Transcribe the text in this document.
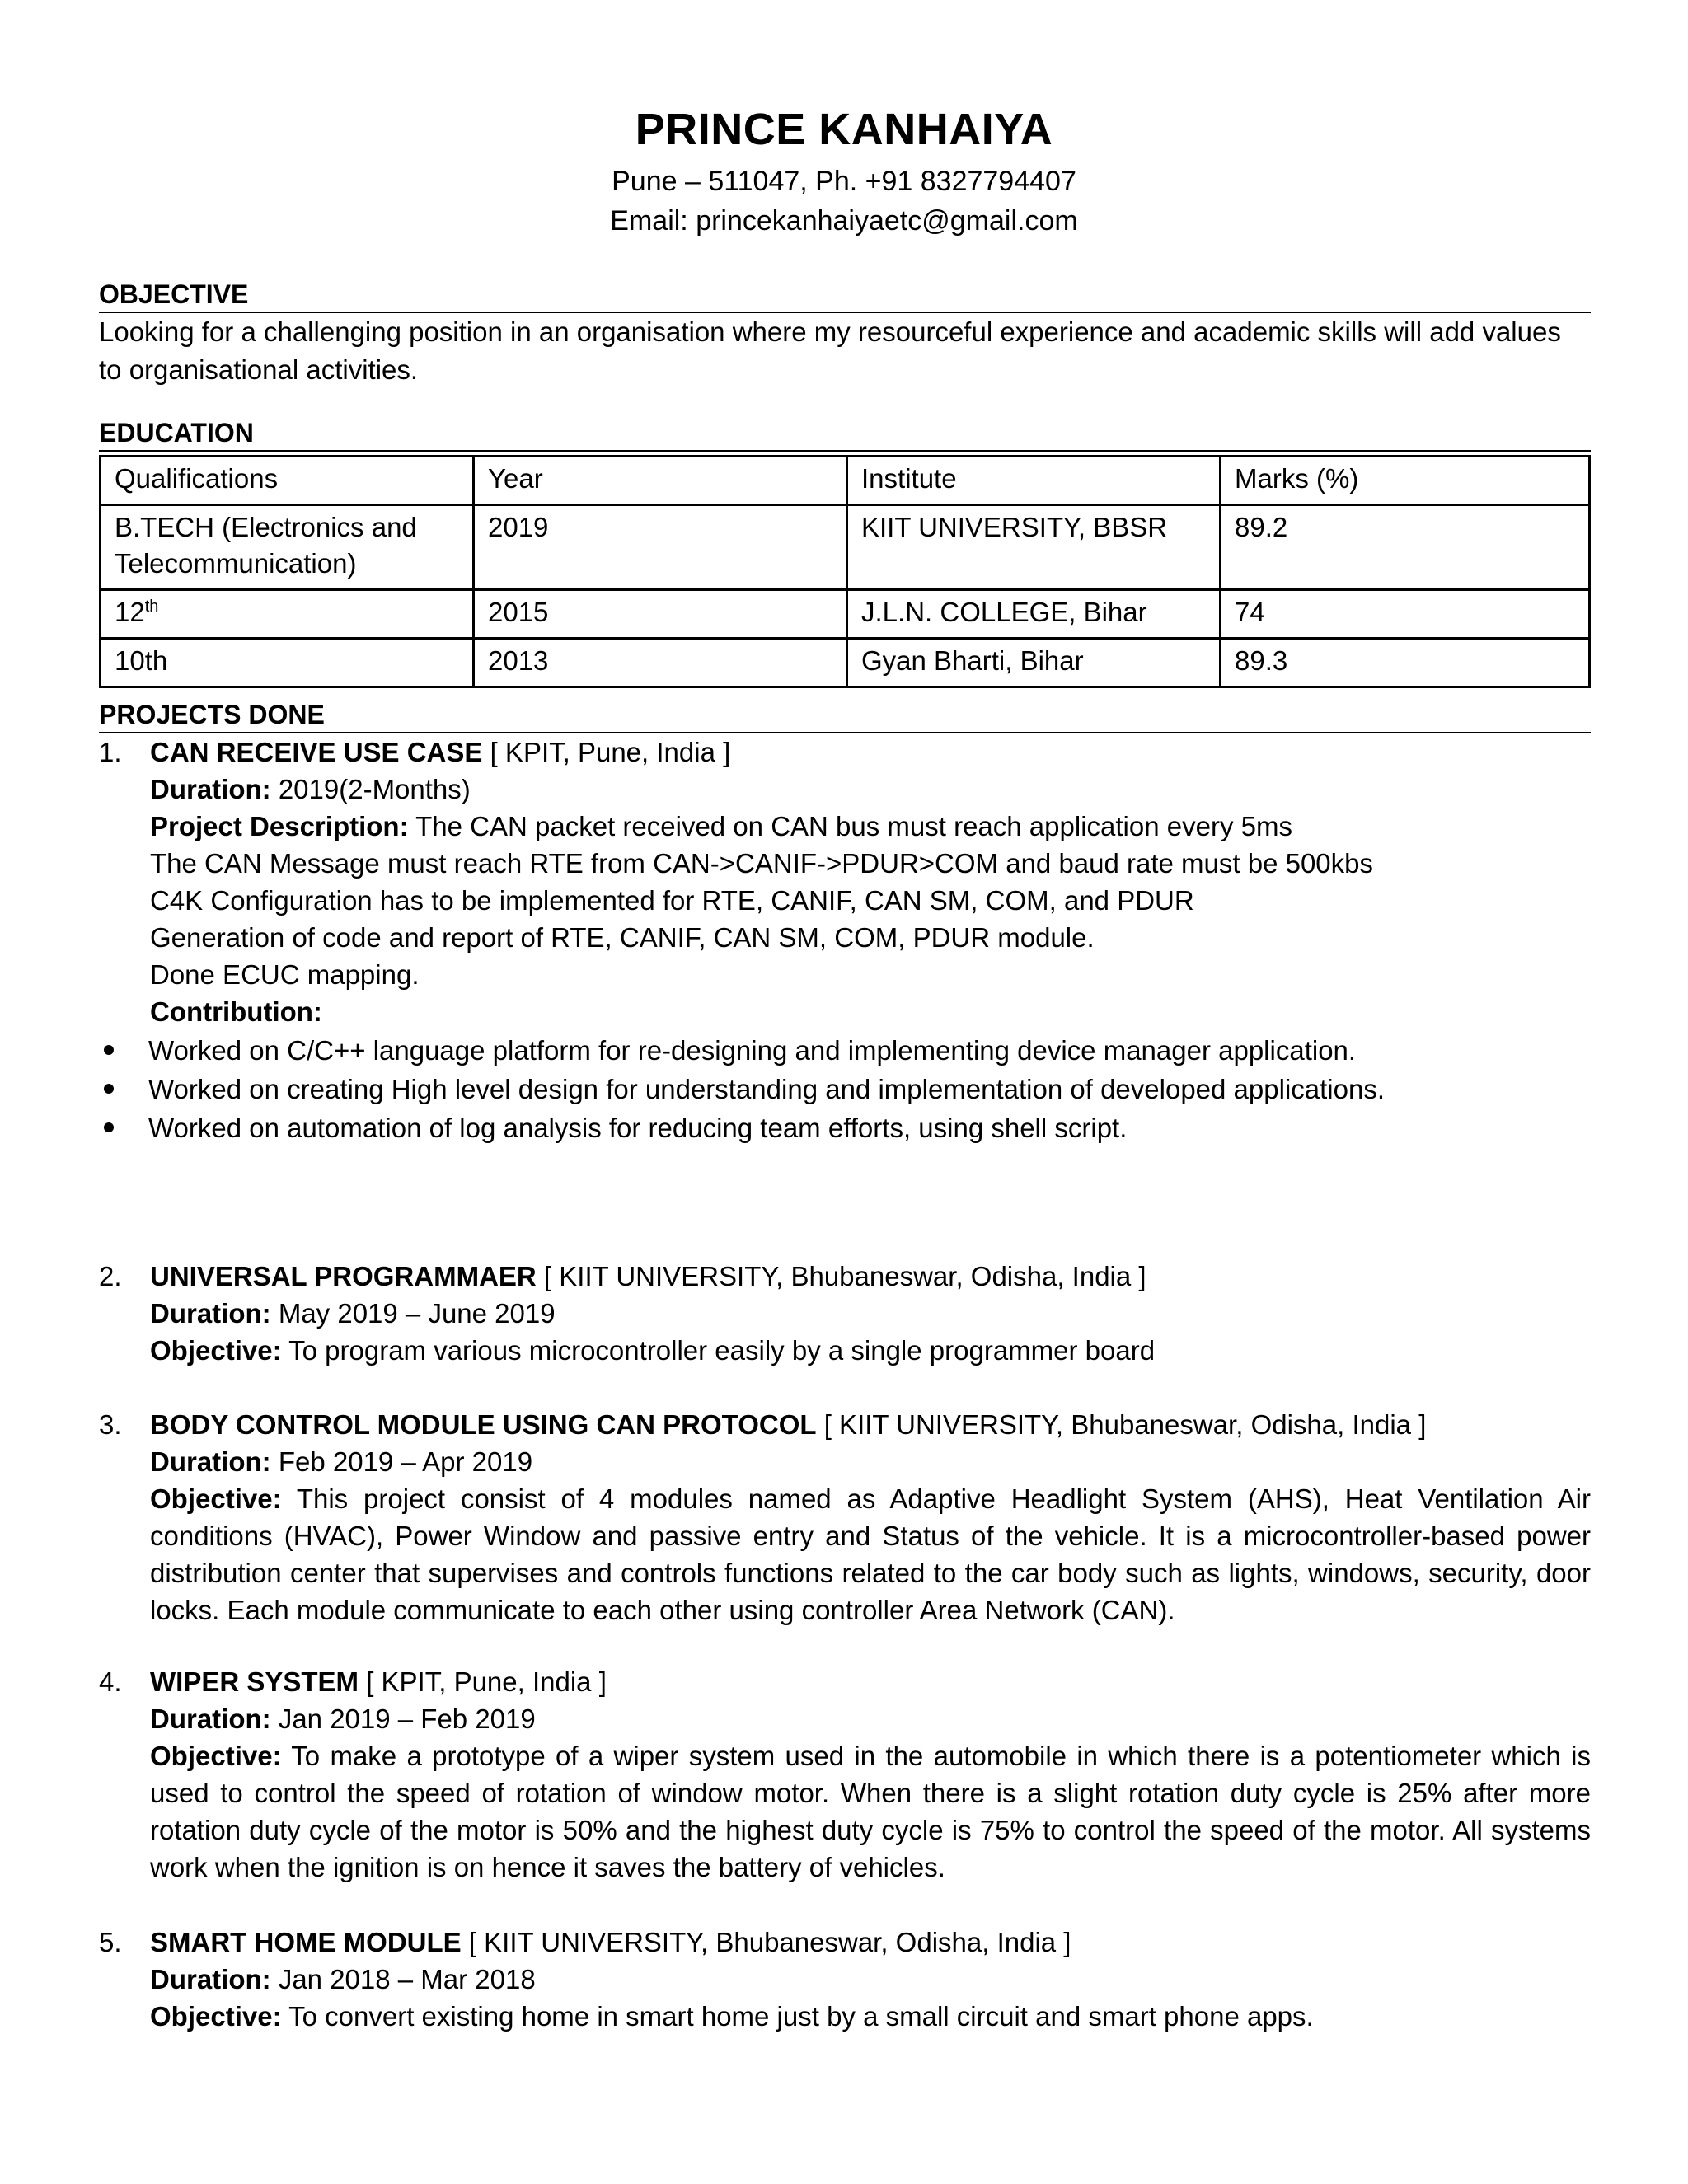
PRINCE KANHAIYA
Pune – 511047, Ph. +91 8327794407
Email: princekanhaiyaetc@gmail.com
OBJECTIVE
Looking for a challenging position in an organisation where my resourceful experience and academic skills will add values to organisational activities.
EDUCATION
Qualifications	Year	Institute	Marks (%)
B.TECH (Electronics and Telecommunication)	2019	KIIT UNIVERSITY, BBSR	89.2
12th	2015	J.L.N. COLLEGE, Bihar	74
10th	2013	Gyan Bharti, Bihar	89.3
PROJECTS DONE
1.	CAN RECEIVE USE CASE [ KPIT, Pune, India ]
Duration: 2019(2-Months)
Project Description: The CAN packet received on CAN bus must reach application every 5ms
The CAN Message must reach RTE from CAN->CANIF->PDUR>COM and baud rate must be 500kbs
C4K Configuration has to be implemented for RTE, CANIF, CAN SM, COM, and PDUR
Generation of code and report of RTE, CANIF, CAN SM, COM, PDUR module.
Done ECUC mapping.
Contribution:
Worked on C/C++ language platform for re-designing and implementing device manager application.
Worked on creating High level design for understanding and implementation of developed applications.
Worked on automation of log analysis for reducing team efforts, using shell script.
2.	UNIVERSAL PROGRAMMAER [ KIIT UNIVERSITY, Bhubaneswar, Odisha, India ]
Duration: May 2019 – June 2019
Objective: To program various microcontroller easily by a single programmer board
3.	BODY CONTROL MODULE USING CAN PROTOCOL [ KIIT UNIVERSITY, Bhubaneswar, Odisha, India ]
Duration: Feb 2019 – Apr 2019
Objective: This project consist of 4 modules named as Adaptive Headlight System (AHS), Heat Ventilation Air conditions (HVAC), Power Window and passive entry and Status of the vehicle. It is a microcontroller-based power distribution center that supervises and controls functions related to the car body such as lights, windows, security, door locks. Each module communicate to each other using controller Area Network (CAN).
4.	WIPER SYSTEM [ KPIT, Pune, India ]
Duration: Jan 2019 – Feb 2019
Objective: To make a prototype of a wiper system used in the automobile in which there is a potentiometer which is used to control the speed of rotation of window motor. When there is a slight rotation duty cycle is 25% after more rotation duty cycle of the motor is 50% and the highest duty cycle is 75% to control the speed of the motor. All systems work when the ignition is on hence it saves the battery of vehicles.
5.	SMART HOME MODULE [ KIIT UNIVERSITY, Bhubaneswar, Odisha, India ]
Duration: Jan 2018 – Mar 2018
Objective: To convert existing home in smart home just by a small circuit and smart phone apps.
